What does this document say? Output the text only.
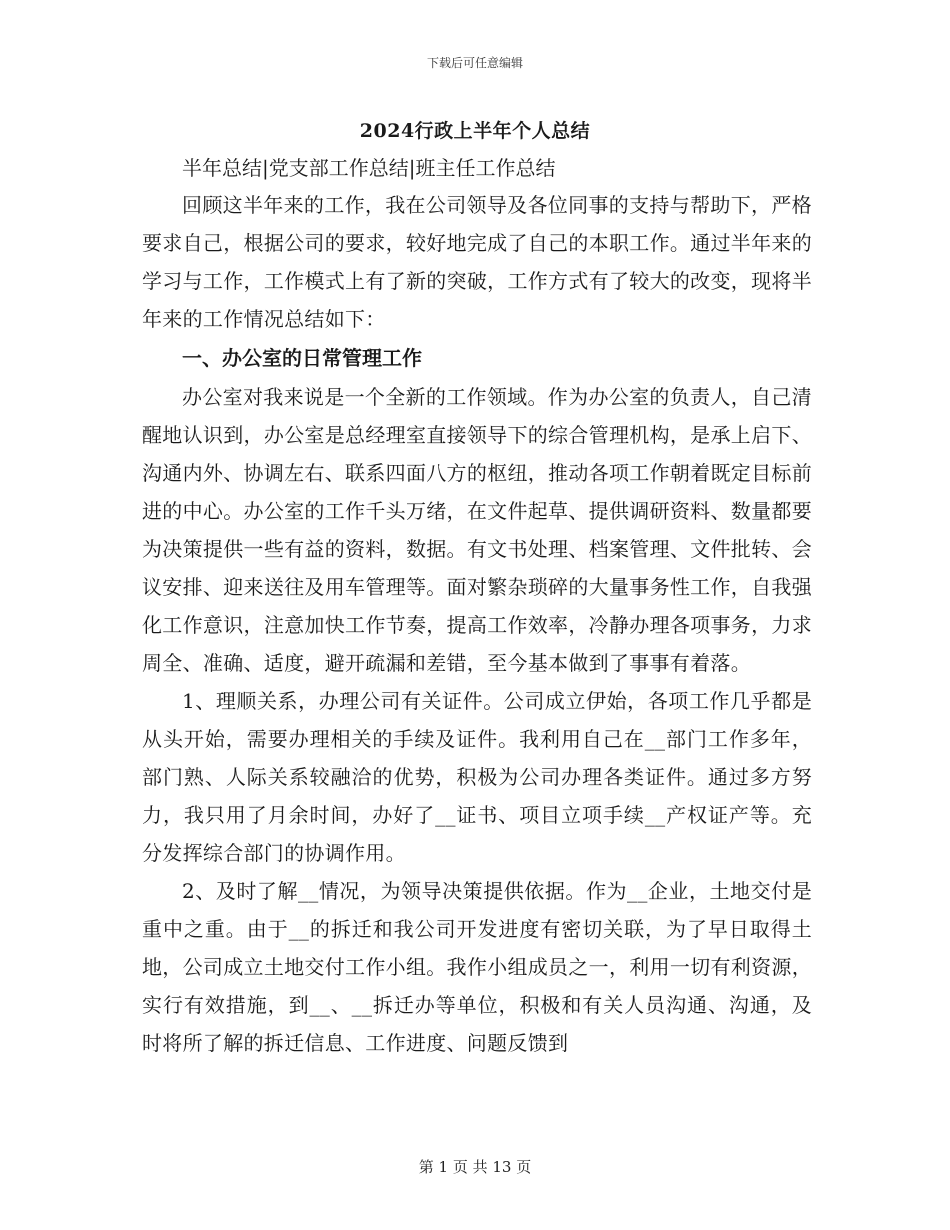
下载后可任意编辑
2024行政上半年个人总结

半年总结|党支部工作总结|班主任工作总结

回顾这半年来的工作，我在公司领导及各位同事的支持与帮助下，严格要求自己，根据公司的要求，较好地完成了自己的本职工作。通过半年来的学习与工作，工作模式上有了新的突破，工作方式有了较大的改变，现将半年来的工作情况总结如下：

一、办公室的日常管理工作

办公室对我来说是一个全新的工作领域。作为办公室的负责人，自己清醒地认识到，办公室是总经理室直接领导下的综合管理机构，是承上启下、沟通内外、协调左右、联系四面八方的枢纽，推动各项工作朝着既定目标前进的中心。办公室的工作千头万绪，在文件起草、提供调研资料、数量都要为决策提供一些有益的资料，数据。有文书处理、档案管理、文件批转、会议安排、迎来送往及用车管理等。面对繁杂琐碎的大量事务性工作，自我强化工作意识，注意加快工作节奏，提高工作效率，冷静办理各项事务，力求周全、准确、适度，避开疏漏和差错，至今基本做到了事事有着落。

1、理顺关系，办理公司有关证件。公司成立伊始，各项工作几乎都是从头开始，需要办理相关的手续及证件。我利用自己在__部门工作多年，部门熟、人际关系较融洽的优势，积极为公司办理各类证件。通过多方努力，我只用了月余时间，办好了__证书、项目立项手续__产权证产等。充分发挥综合部门的协调作用。

2、及时了解__情况，为领导决策提供依据。作为__企业，土地交付是重中之重。由于__的拆迁和我公司开发进度有密切关联，为了早日取得土地，公司成立土地交付工作小组。我作小组成员之一，利用一切有利资源，实行有效措施，到__、__拆迁办等单位，积极和有关人员沟通、沟通，及时将所了解的拆迁信息、工作进度、问题反馈到

第 1 页 共 13 页
